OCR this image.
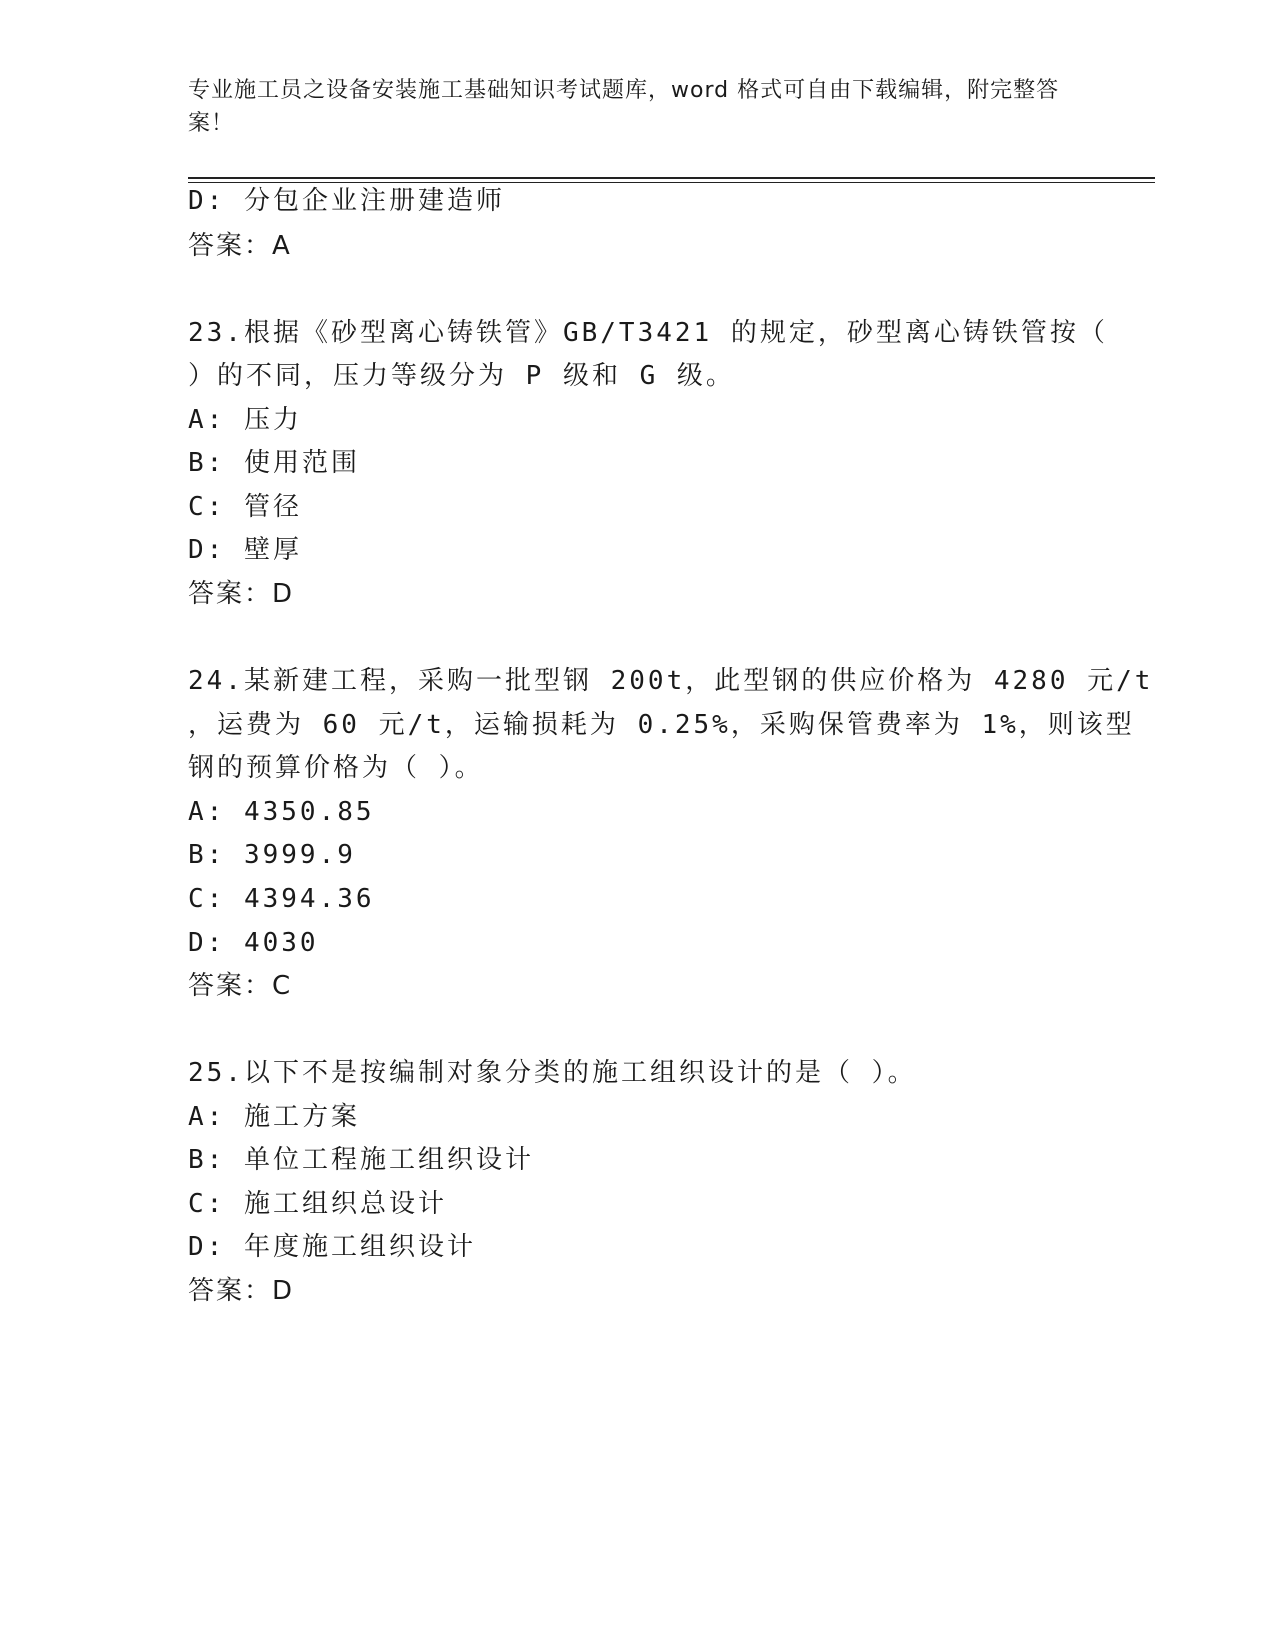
专业施工员之设备安装施工基础知识考试题库，word 格式可自由下载编辑，附完整答案！
D: 分包企业注册建造师
答案：A
23.根据《砂型离心铸铁管》GB/T3421 的规定，砂型离心铸铁管按（
）的不同，压力等级分为 P 级和 G 级。
A: 压力
B: 使用范围
C: 管径
D: 壁厚
答案：D
24.某新建工程，采购一批型钢 200t，此型钢的供应价格为 4280 元/t
，运费为 60 元/t，运输损耗为 0.25%，采购保管费率为 1%，则该型
钢的预算价格为（ ）。
A: 4350.85
B: 3999.9
C: 4394.36
D: 4030
答案：C
25.以下不是按编制对象分类的施工组织设计的是（ ）。
A: 施工方案
B: 单位工程施工组织设计
C: 施工组织总设计
D: 年度施工组织设计
答案：D
